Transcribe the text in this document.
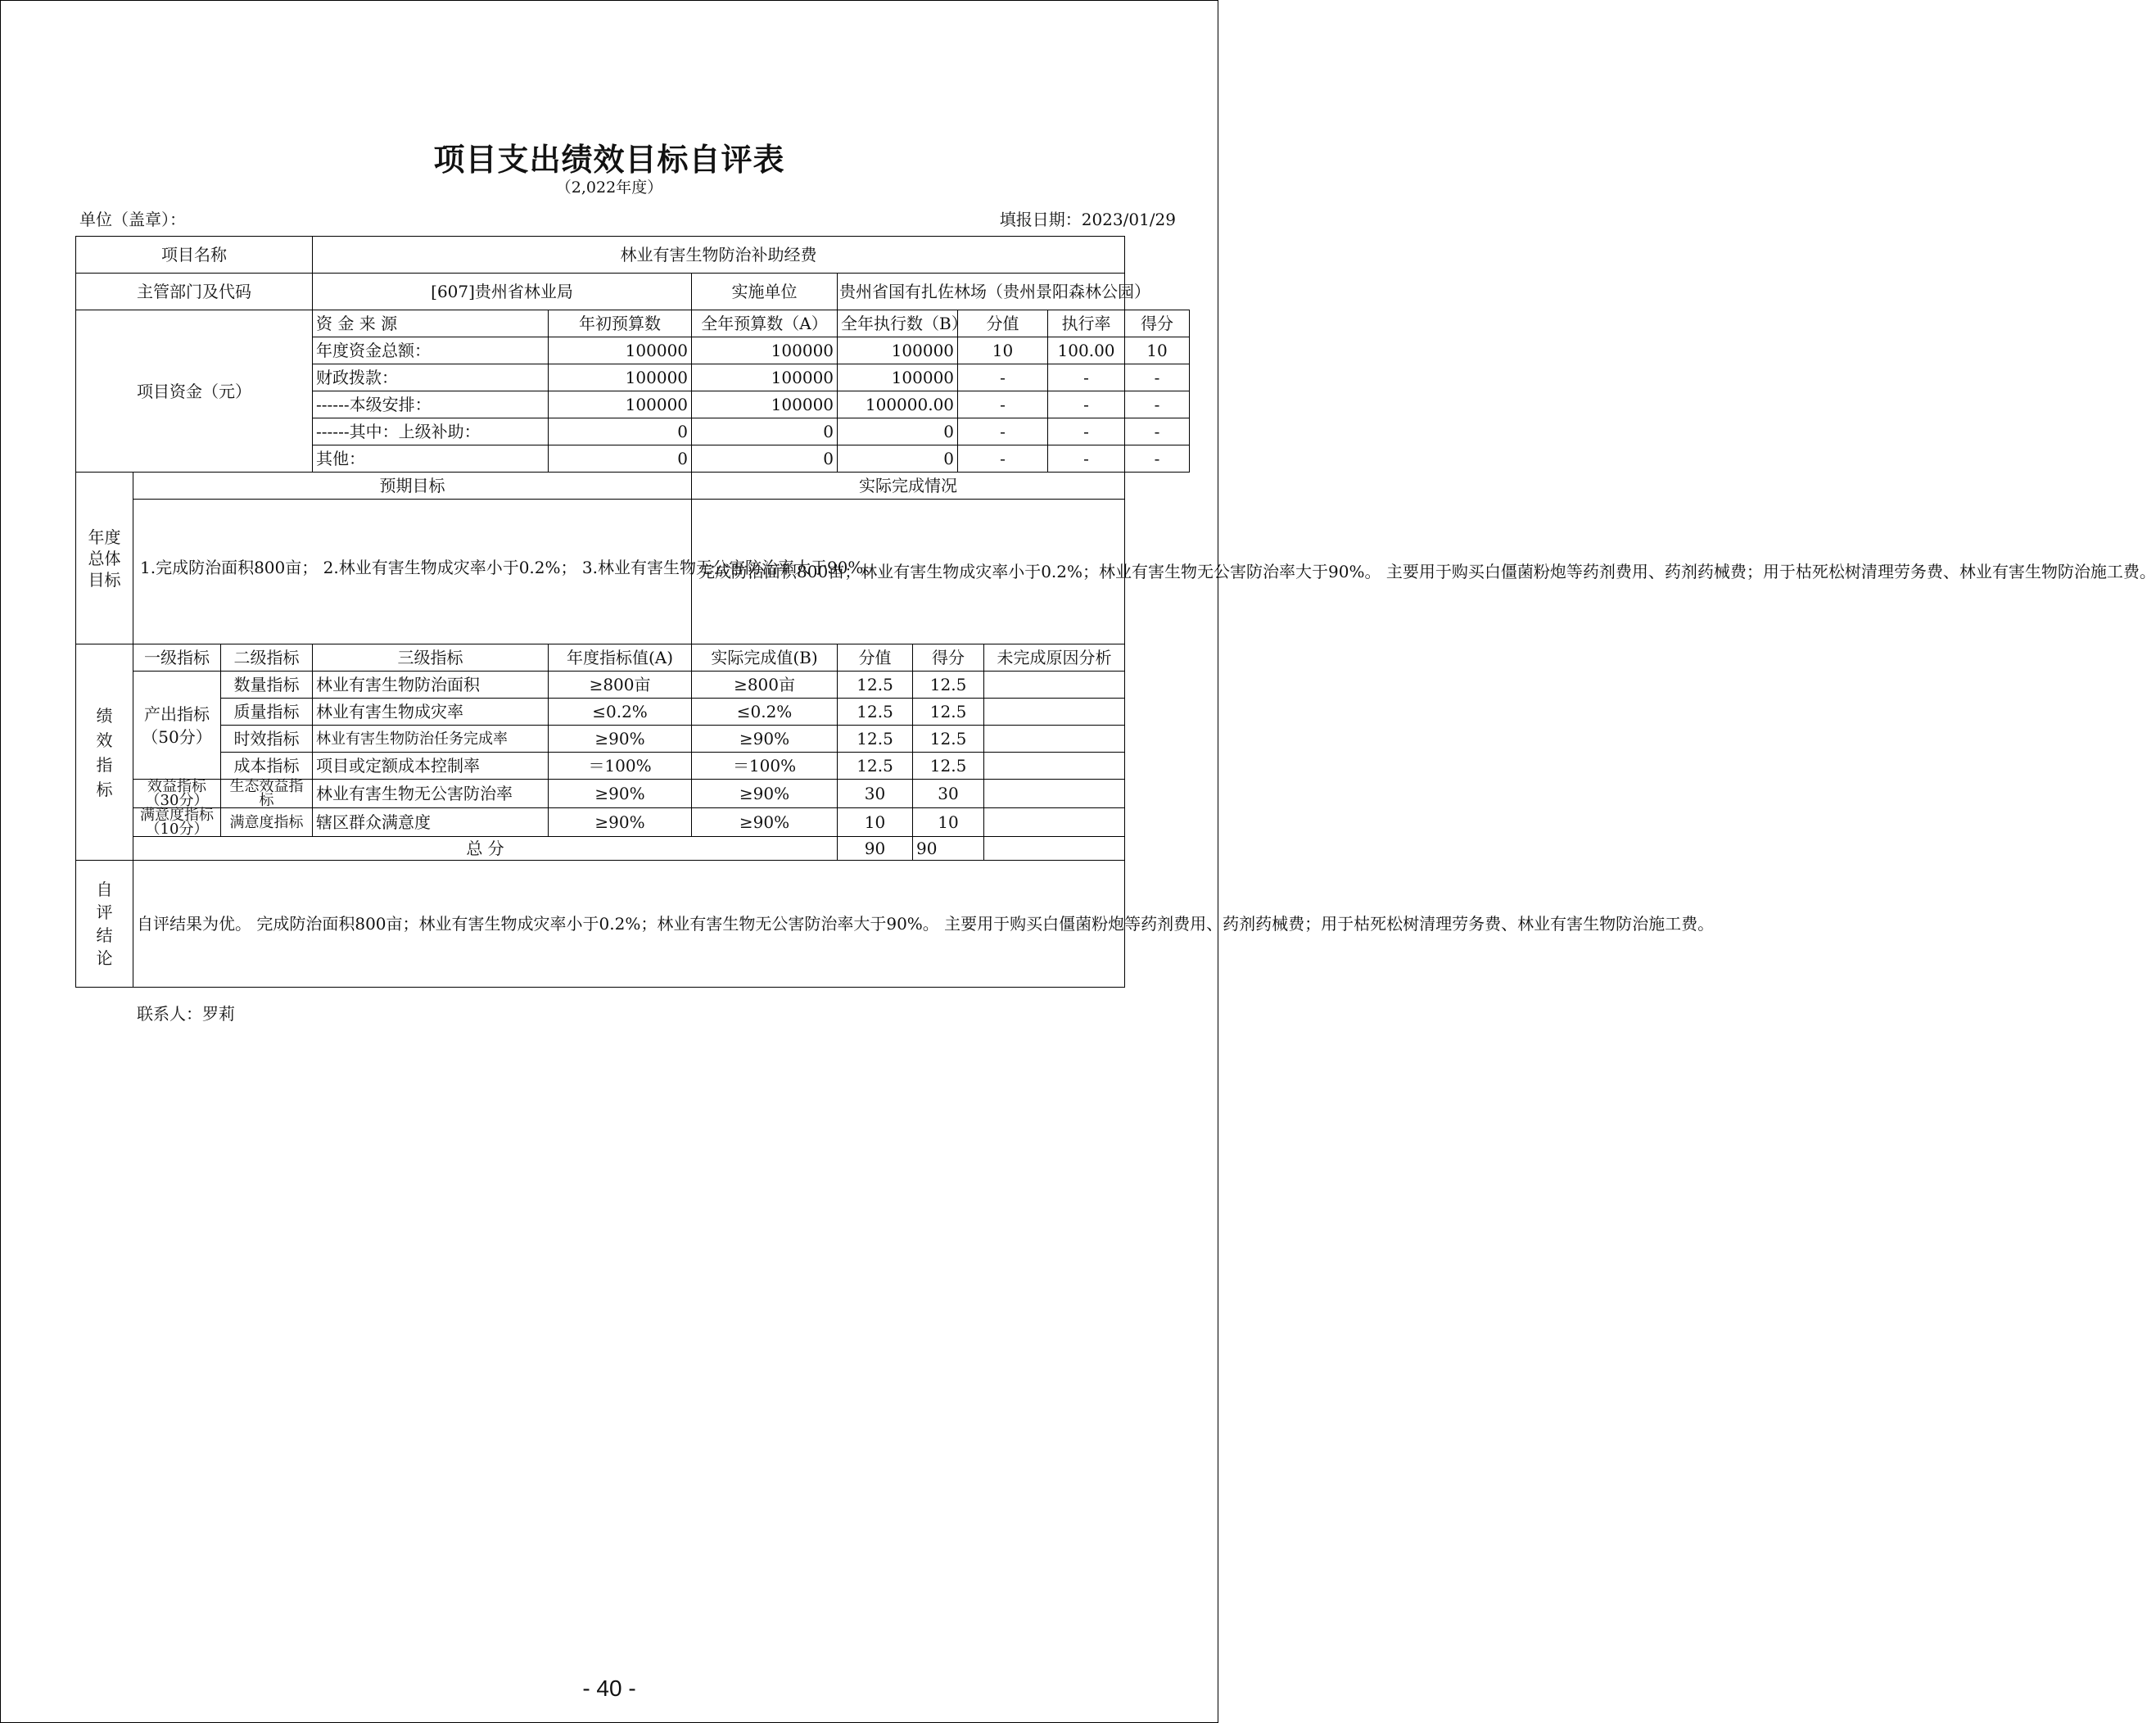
项目支出绩效目标自评表
（2,022年度）
单位（盖章）：	填报日期：2023/01/29
项目名称			林业有害生物防治补助经费								
主管部门及代码			[607]贵州省林业局		实施单位	贵州省国有扎佐林场（贵州景阳森林公园）					
项目资金（元）			资 金 来 源	年初预算数	全年预算数（A）	全年执行数（B）		分值		执行率	得分
			年度资金总额：	100000	100000	100000		10		100.00	10
			财政拨款：	100000	100000	100000		-		-	-
			------本级安排：	100000	100000	100000.00		-		-	-
			------其中：上级补助：	0	0	0		-		-	-
			其他：	0	0	0		-		-	-
年度总体目标	预期目标				实际完成情况						
	1.完成防治面积800亩； 2.林业有害生物成灾率小于0.2%； 3.林业有害生物无公害防治率大于90%。				完成防治面积800亩；林业有害生物成灾率小于0.2%；林业有害生物无公害防治率大于90%。 主要用于购买白僵菌粉炮等药剂费用、药剂药械费；用于枯死松树清理劳务费、林业有害生物防治施工费。						
绩效指标	一级指标	二级指标	三级指标	年度指标值(A)	实际完成值(B)	分值	得分		未完成原因分析		
	产出指标（50分）	数量指标	林业有害生物防治面积	≥800亩	≥800亩	12.5	12.5				
		质量指标	林业有害生物成灾率	≤0.2%	≤0.2%	12.5	12.5				
		时效指标	林业有害生物防治任务完成率	≥90%	≥90%	12.5	12.5				
		成本指标	项目或定额成本控制率	＝100%	＝100%	12.5	12.5				

	效益指标（30分）	生态效益指标	林业有害生物无公害防治率	≥90%	≥90%	30	30				

	满意度指标（10分）	满意度指标	辖区群众满意度	≥90%	≥90%	10	10				
	总 分					90	90				
自评结论	自评结果为优。 完成防治面积800亩；林业有害生物成灾率小于0.2%；林业有害生物无公害防治率大于90%。 主要用于购买白僵菌粉炮等药剂费用、药剂药械费；用于枯死松树清理劳务费、林业有害生物防治施工费。										
联系人：罗莉
- 40 -
